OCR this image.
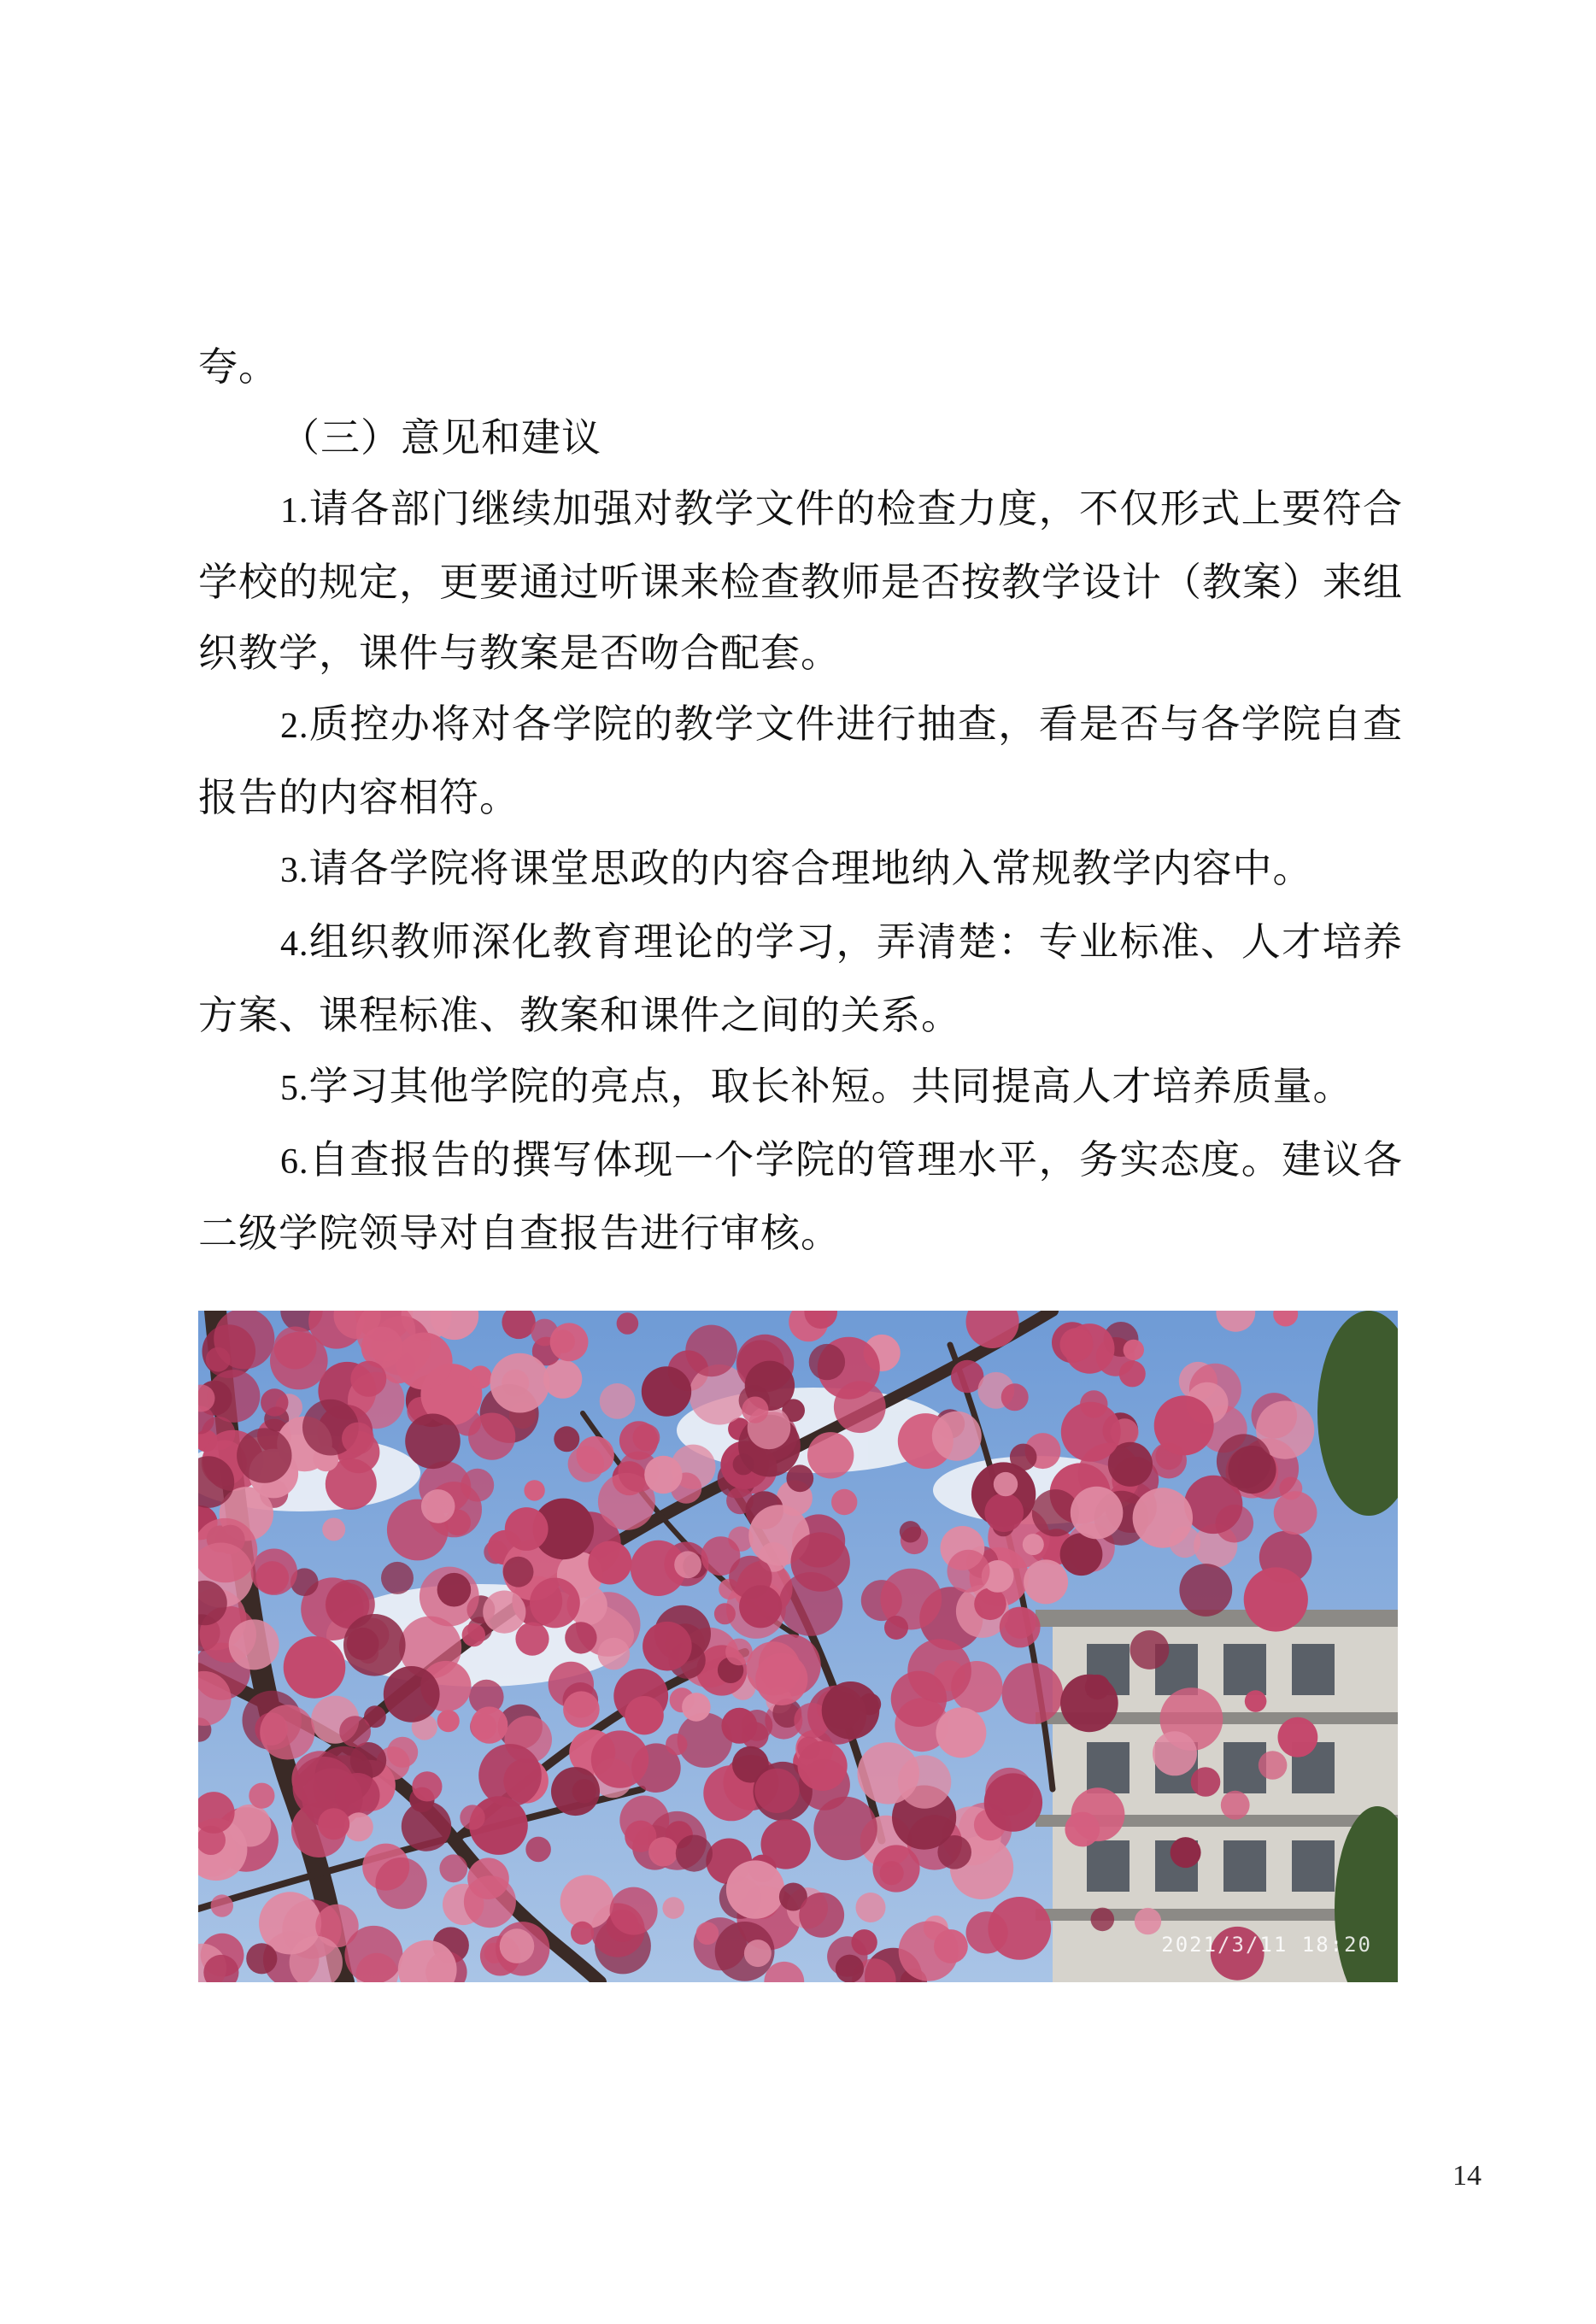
夸。

（三）意见和建议

1.请各部门继续加强对教学文件的检查力度，不仅形式上要符合学校的规定，更要通过听课来检查教师是否按教学设计（教案）来组织教学，课件与教案是否吻合配套。

2.质控办将对各学院的教学文件进行抽查，看是否与各学院自查报告的内容相符。

3.请各学院将课堂思政的内容合理地纳入常规教学内容中。

4.组织教师深化教育理论的学习，弄清楚：专业标准、人才培养方案、课程标准、教案和课件之间的关系。

5.学习其他学院的亮点，取长补短。共同提高人才培养质量。

6.自查报告的撰写体现一个学院的管理水平，务实态度。建议各二级学院领导对自查报告进行审核。

2021/3/11 18:20
14
